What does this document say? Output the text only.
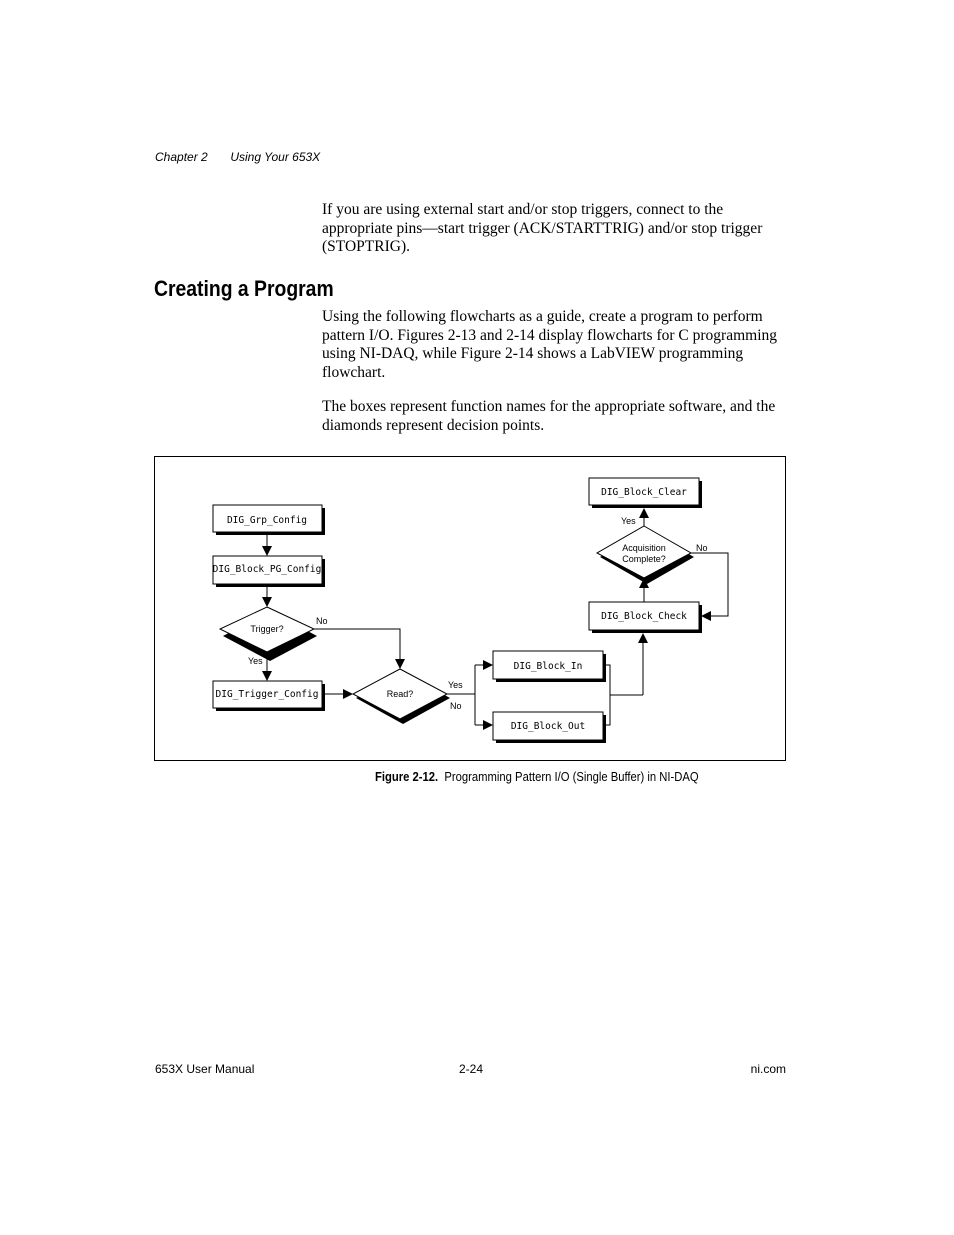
Chapter 2 Using Your 653X

If you are using external start and/or stop triggers, connect to the appropriate pins—start trigger (ACK/STARTTRIG) and/or stop trigger (STOPTRIG).

Creating a Program

Using the following flowcharts as a guide, create a program to perform pattern I/O. Figures 2-13 and 2-14 display flowcharts for C programming using NI-DAQ, while Figure 2-14 shows a LabVIEW programming flowchart.

The boxes represent function names for the appropriate software, and the diamonds represent decision points.

DIG_Grp_Config
DIG_Block_PG_Config
DIG_Trigger_Config
DIG_Block_In
DIG_Block_Out
DIG_Block_Check
DIG_Block_Clear
Trigger?
Read?
Acquisition
Complete?
No
Yes
Yes
No
Yes
No
Figure 2-12. Programming Pattern I/O (Single Buffer) in NI-DAQ
653X User Manual	2-24	ni.com
